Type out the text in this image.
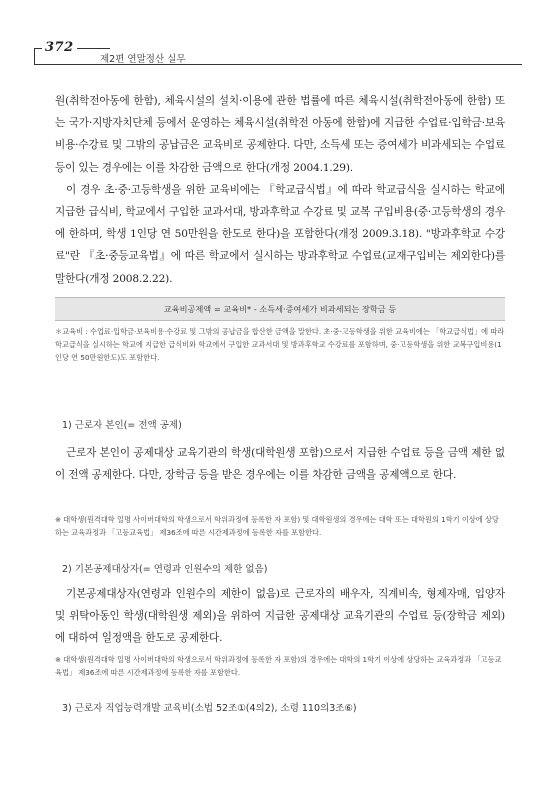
372
제2편 연말정산 실무

원(취학전아동에 한함), 체육시설의 설치·이용에 관한 법률에 따른 체육시설(취학전아동에 한함) 또는 국가·지방자치단체 등에서 운영하는 체육시설(취학전 아동에 한함)에 지급한 수업료·입학금·보육비용·수강료 및 그밖의 공납금은 교육비로 공제한다. 다만, 소득세 또는 증여세가 비과세되는 수업료 등이 있는 경우에는 이를 차감한 금액으로 한다(개정 2004.1.29).

이 경우 초·중·고등학생을 위한 교육비에는 『학교급식법』에 따라 학교급식을 실시하는 학교에 지급한 급식비, 학교에서 구입한 교과서대, 방과후학교 수강료 및 교복 구입비용(중·고등학생의 경우에 한하며, 학생 1인당 연 50만원을 한도로 한다)을 포함한다(개정 2009.3.18). "방과후학교 수강료"란 『초·중등교육법』에 따른 학교에서 실시하는 방과후학교 수업료(교재구입비는 제외한다)를 말한다(개정 2008.2.22).

교육비공제액 = 교육비* - 소득세·증여세가 비과세되는 장학금 등

＊교육비 : 수업료·입학금·보육비용·수강료 및 그밖의 공납금을 합산한 금액을 말한다. 초·중·고등학생을 위한 교육비에는 「학교급식법」에 따라 학교급식을 실시하는 학교에 지급한 급식비와 학교에서 구입한 교과서대 및 방과후학교 수강료를 포함하며, 중·고등학생을 위한 교복구입비용(1인당 연 50만원한도)도 포함한다.

1) 근로자 본인(= 전액 공제)

근로자 본인이 공제대상 교육기관의 학생(대학원생 포함)으로서 지급한 수업료 등을 금액 제한 없이 전액 공제한다. 다만, 장학금 등을 받은 경우에는 이를 차감한 금액을 공제액으로 한다.

※ 대학생(원격대학 일명 사이버대학의 학생으로서 학위과정에 등록한 자 포함) 및 대학원생의 경우에는 대학 또는 대학원의 1학기 이상에 상당하는 교육과정과 「고등교육법」 제36조에 따른 시간제과정에 등록한 자를 포함한다.

2) 기본공제대상자(= 연령과 인원수의 제한 없음)

기본공제대상자(연령과 인원수의 제한이 없음)로 근로자의 배우자, 직계비속, 형제자매, 입양자 및 위탁아동인 학생(대학원생 제외)을 위하여 지급한 공제대상 교육기관의 수업료 등(장학금 제외)에 대하여 일정액을 한도로 공제한다.

※ 대학생(원격대학 일명 사이버대학의 학생으로서 학위과정에 등록한 자 포함)의 경우에는 대학의 1학기 이상에 상당하는 교육과정과 「고등교육법」 제36조에 따른 시간제과정에 등록한 자를 포함한다.

3) 근로자 직업능력개발 교육비(소법 52조①(4의2), 소령 110의3조⑥)
